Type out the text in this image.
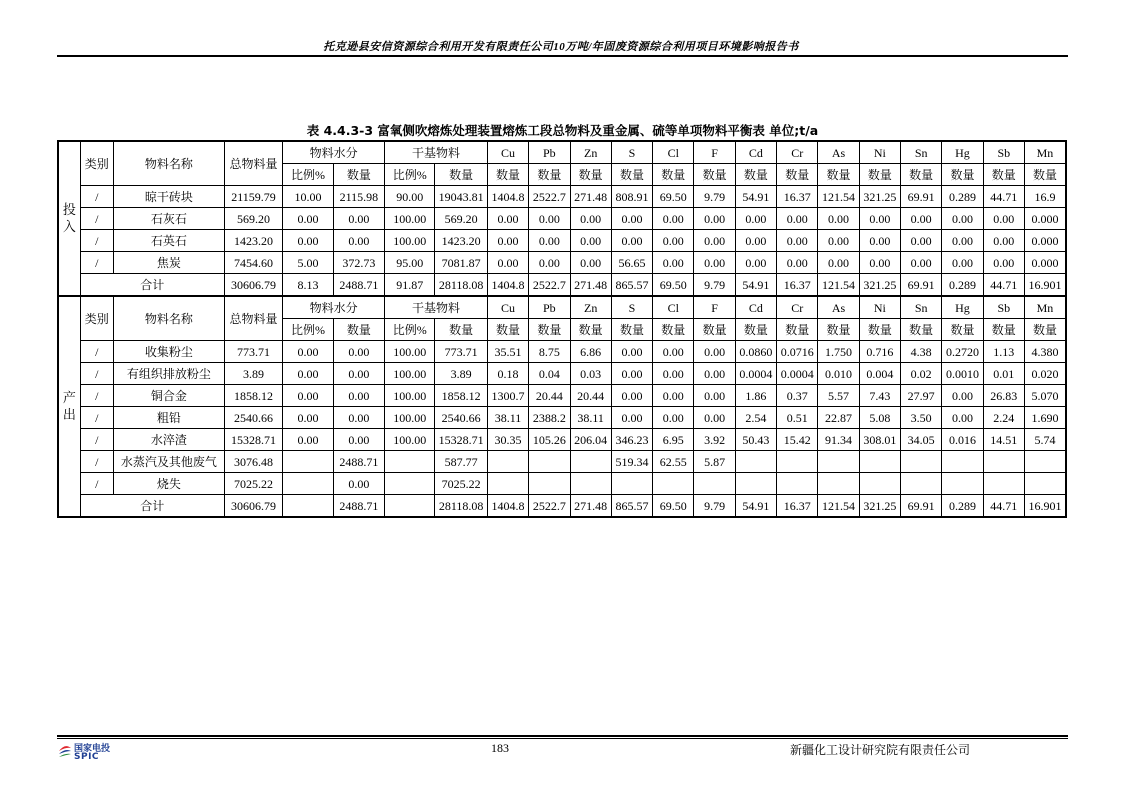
托克逊县安信资源综合利用开发有限责任公司10万吨/年固废资源综合利用项目环境影响报告书
表 4.4.3-3 富氧侧吹熔炼处理装置熔炼工段总物料及重金属、硫等单项物料平衡表 单位;t/a
投入	类别	物料名称	总物料量	物料水分		干基物料		Cu	Pb	Zn	S	Cl	F	Cd	Cr	As	Ni	Sn	Hg	Sb	Mn
				比例%	数量	比例%	数量	数量	数量	数量	数量	数量	数量	数量	数量	数量	数量	数量	数量	数量	数量
	/	晾干砖块	21159.79	10.00	2115.98	90.00	19043.81	1404.8	2522.7	271.48	808.91	69.50	9.79	54.91	16.37	121.54	321.25	69.91	0.289	44.71	16.9
	/	石灰石	569.20	0.00	0.00	100.00	569.20	0.00	0.00	0.00	0.00	0.00	0.00	0.00	0.00	0.00	0.00	0.00	0.00	0.00	0.000
	/	石英石	1423.20	0.00	0.00	100.00	1423.20	0.00	0.00	0.00	0.00	0.00	0.00	0.00	0.00	0.00	0.00	0.00	0.00	0.00	0.000
	/	焦炭	7454.60	5.00	372.73	95.00	7081.87	0.00	0.00	0.00	56.65	0.00	0.00	0.00	0.00	0.00	0.00	0.00	0.00	0.00	0.000
	合计		30606.79	8.13	2488.71	91.87	28118.08	1404.8	2522.7	271.48	865.57	69.50	9.79	54.91	16.37	121.54	321.25	69.91	0.289	44.71	16.901
产出	类别	物料名称	总物料量	物料水分		干基物料		Cu	Pb	Zn	S	Cl	F	Cd	Cr	As	Ni	Sn	Hg	Sb	Mn
				比例%	数量	比例%	数量	数量	数量	数量	数量	数量	数量	数量	数量	数量	数量	数量	数量	数量	数量
	/	收集粉尘	773.71	0.00	0.00	100.00	773.71	35.51	8.75	6.86	0.00	0.00	0.00	0.0860	0.0716	1.750	0.716	4.38	0.2720	1.13	4.380
	/	有组织排放粉尘	3.89	0.00	0.00	100.00	3.89	0.18	0.04	0.03	0.00	0.00	0.00	0.0004	0.0004	0.010	0.004	0.02	0.0010	0.01	0.020
	/	铜合金	1858.12	0.00	0.00	100.00	1858.12	1300.7	20.44	20.44	0.00	0.00	0.00	1.86	0.37	5.57	7.43	27.97	0.00	26.83	5.070
	/	粗铅	2540.66	0.00	0.00	100.00	2540.66	38.11	2388.2	38.11	0.00	0.00	0.00	2.54	0.51	22.87	5.08	3.50	0.00	2.24	1.690
	/	水淬渣	15328.71	0.00	0.00	100.00	15328.71	30.35	105.26	206.04	346.23	6.95	3.92	50.43	15.42	91.34	308.01	34.05	0.016	14.51	5.74
	/	水蒸汽及其他废气	3076.48		2488.71		587.77				519.34	62.55	5.87								
	/	烧失	7025.22		0.00		7025.22														
	合计		30606.79		2488.71		28118.08	1404.8	2522.7	271.48	865.57	69.50	9.79	54.91	16.37	121.54	321.25	69.91	0.289	44.71	16.901
国家电投
SPIC
183	新疆化工设计研究院有限责任公司
